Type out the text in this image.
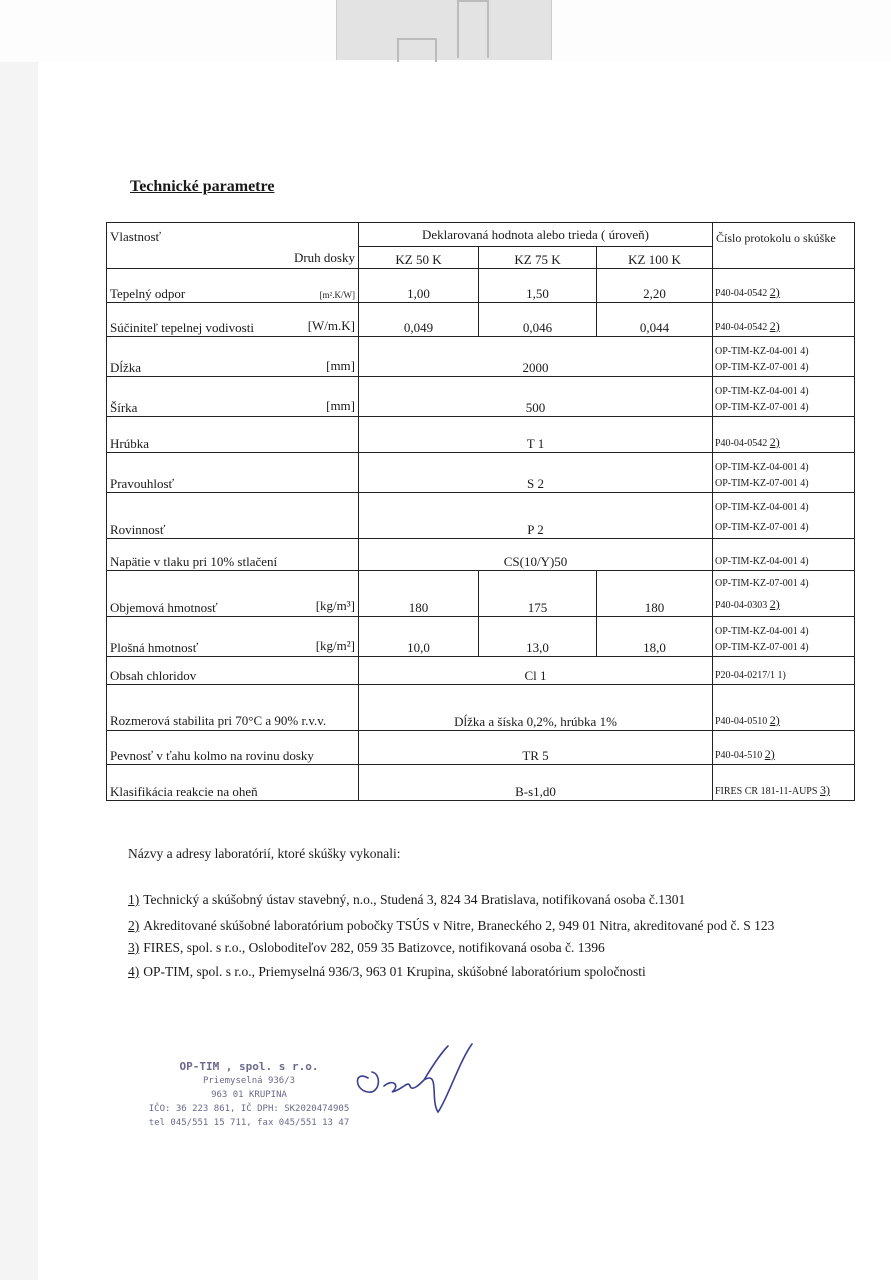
Technické parametre
Vlastnosť
Druh dosky	Deklarovaná hodnota alebo trieda ( úroveň)			Číslo protokolu o skúške
	KZ 50 K	KZ 75 K	KZ 100 K	
Tepelný odpor [m².K/W]	1,00	1,50	2,20	P40-04-0542 2)
Súčiniteľ tepelnej vodivosti [W/m.K]	0,049	0,046	0,044	P40-04-0542 2)
Dĺžka [mm]	2000			OP-TIM-KZ-04-001 4)
OP-TIM-KZ-07-001 4)
Šírka [mm]	500			OP-TIM-KZ-04-001 4)
OP-TIM-KZ-07-001 4)
Hrúbka	T 1			P40-04-0542 2)
Pravouhlosť	S 2			OP-TIM-KZ-04-001 4)
OP-TIM-KZ-07-001 4)
Rovinnosť	P 2			OP-TIM-KZ-04-001 4)
OP-TIM-KZ-07-001 4)
Napätie v tlaku pri 10% stlačení	CS(10/Y)50			OP-TIM-KZ-04-001 4)
Objemová hmotnosť [kg/m³]	180	175	180	OP-TIM-KZ-07-001 4)
P40-04-0303 2)
Plošná hmotnosť [kg/m²]	10,0	13,0	18,0	OP-TIM-KZ-04-001 4)
OP-TIM-KZ-07-001 4)
Obsah chloridov	Cl 1			P20-04-0217/1 1)
Rozmerová stabilita pri 70°C a 90% r.v.v.	Dĺžka a šíska 0,2%, hrúbka 1%			P40-04-0510 2)
Pevnosť v ťahu kolmo na rovinu dosky	TR 5			P40-04-510 2)
Klasifikácia reakcie na oheň	B-s1,d0			FIRES CR 181-11-AUPS 3)
Názvy a adresy laboratórií, ktoré skúšky vykonali:
1) Technický a skúšobný ústav stavebný, n.o., Studená 3, 824 34 Bratislava, notifikovaná osoba č.1301
2) Akreditované skúšobné laboratórium pobočky TSÚS v Nitre, Braneckého 2, 949 01 Nitra, akreditované pod č. S 123
3) FIRES, spol. s r.o., Osloboditeľov 282, 059 35 Batizovce, notifikovaná osoba č. 1396
4) OP-TIM, spol. s r.o., Priemyselná 936/3, 963 01 Krupina, skúšobné laboratórium spoločnosti
OP-TIM , spol. s r.o.
Priemyselná 936/3
963 01 KRUPINA
IČO: 36 223 861, IČ DPH: SK2020474905
tel 045/551 15 711, fax 045/551 13 47
